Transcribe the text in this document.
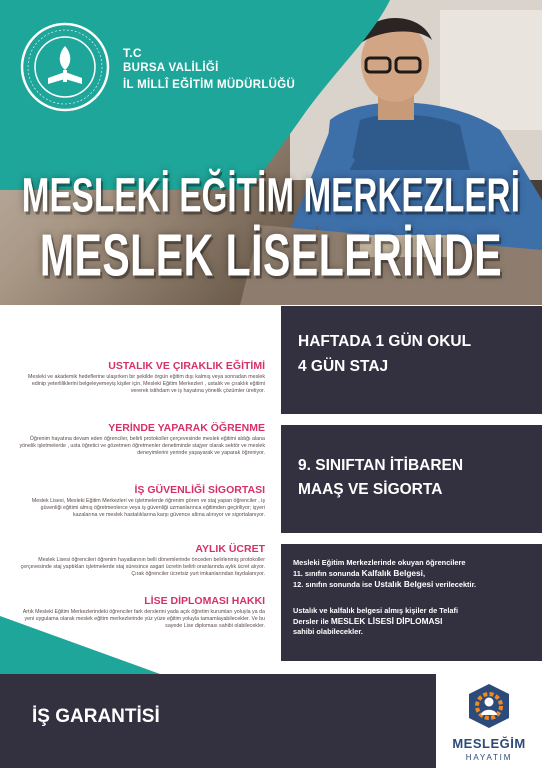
T.C
BURSA VALİLİĞİ
İL MİLLÎ EĞİTİM MÜDÜRLÜĞÜ
MESLEKİ EĞİTİM MERKEZLERİ
MESLEK LİSELERİNDE
USTALIK VE ÇIRAKLIK EĞİTİMİ
Mesleki ve akademik hedeflerine ulaşırken bir şekilde örgün eğitim dışı kalmış veya sonradan meslek edinip yeterliliklerini belgeleyemeyiş kişiler için, Mesleki Eğitim Merkezleri , ustalık ve çıraklık eğitimi vererek istihdam ve iş hayatına yönelik çözümler üretiyor.
YERİNDE YAPARAK ÖĞRENME
Öğrenim hayatına devam eden öğrenciler, belirli protokoller çerçevesinde meslek eğitimi aldığı alana yönelik işletmelerde , usta öğretici ve gözetmen öğretmenler denetiminde stajyer olarak sektör ve meslek deneyimlerini yerinde yaşayarak ve yaparak öğreniyor.
İŞ GÜVENLİĞİ SİGORTASI
Meslek Lisesi, Mesleki Eğitim Merkezleri ve işletmelerde öğrenim gören ve staj yapan öğrenciler , iş güvenliği eğitimi almış öğretmenlerce veya iş güvenliği uzmanlarınca eğitimden geçiriliyor; işyeri kazalarına ve meslek hastalıklarına karşı güvence altına alınıyor ve sigortalanıyor.
AYLIK ÜCRET
Meslek Lisesi öğrencileri öğrenim hayatlarının belli dönemlerinde önceden belirlenmiş protokoller çerçevesinde staj yaptıkları işletmelerde staj süresince asgari ücretin belirli oranlarında aylık ücret alıyor. Çırak öğrenciler ücretsiz yurt imkanlarından faydalanıyor.
LİSE DİPLOMASI HAKKI
Artık Mesleki Eğitim Merkezlerindeki öğrenciler fark derslerini yada açık öğretim kurumları yoluyla ya da yeni uygulama olarak meslek eğitim merkezlerinde yüz yüze eğitim yoluyla tamamlayabilecekler. Ve bu sayede Lise diploması sahibi olabilecekler.
HAFTADA 1 GÜN OKUL
4 GÜN STAJ
9. SINIFTAN İTİBAREN
MAAŞ VE SİGORTA
Mesleki Eğitim Merkezlerinde okuyan öğrencilere
11. sınıfın sonunda Kalfalık Belgesi,
12. sınıfın sonunda ise Ustalık Belgesi verilecektir.
Ustalık ve kalfalık belgesi almış kişiler de Telafi
Dersler ile MESLEK LİSESİ DİPLOMASI
sahibi olabilecekler.
İŞ GARANTİSİ
MESLEĞİM
HAYATIM
